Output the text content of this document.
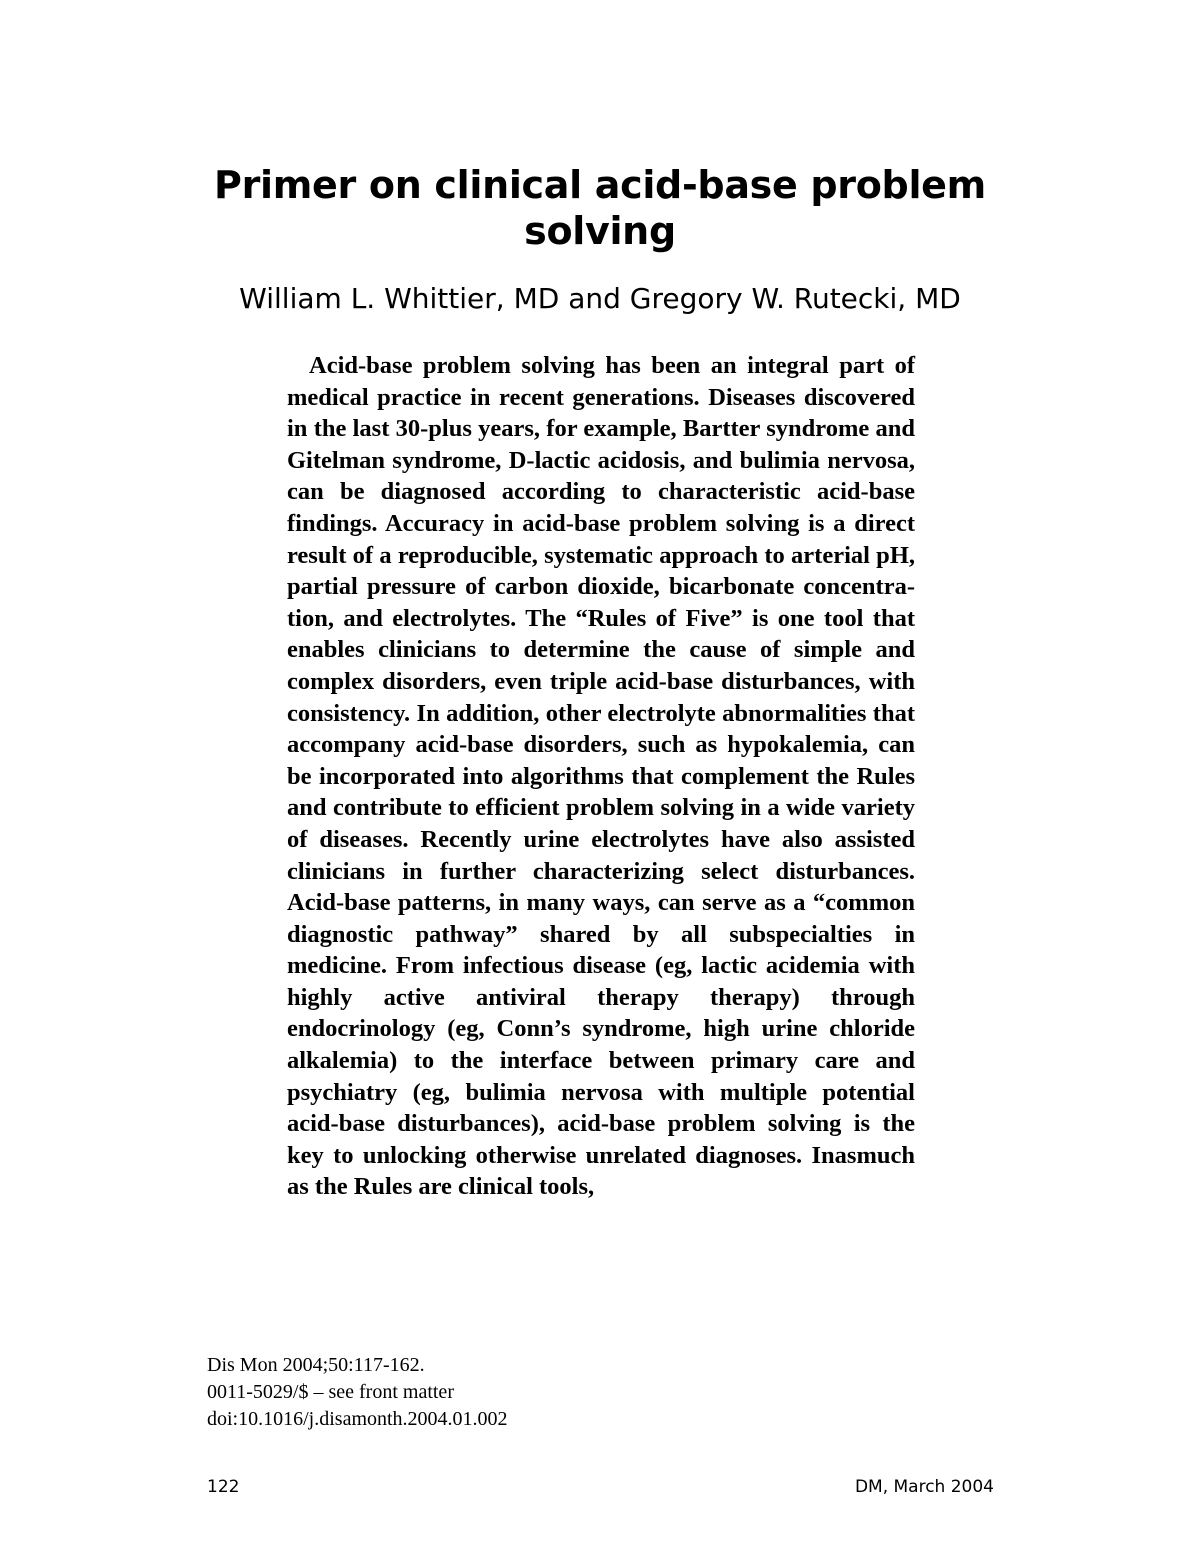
Primer on clinical acid-base problem solving

William L. Whittier, MD and Gregory W. Rutecki, MD

Acid-base problem solving has been an integral part of medical practice in recent generations. Diseases discovered in the last 30-plus years, for example, Bartter syndrome and Gitelman syndrome, D-lactic acidosis, and bulimia nervosa, can be diagnosed according to characteristic acid-base findings. Accuracy in acid-base problem solving is a direct result of a reproducible, systematic approach to arterial pH, partial pressure of carbon dioxide, bicarbonate concentration, and electrolytes. The “Rules of Five” is one tool that enables clinicians to determine the cause of simple and complex disorders, even triple acid-base disturbances, with consistency. In addition, other electrolyte abnormalities that accompany acid-base disorders, such as hypokalemia, can be incorporated into algorithms that complement the Rules and contribute to efficient problem solving in a wide variety of diseases. Recently urine electrolytes have also assisted clinicians in further characterizing select disturbances. Acid-base patterns, in many ways, can serve as a “common diagnostic pathway” shared by all subspecialties in medicine. From infectious disease (eg, lactic acidemia with highly active antiviral therapy therapy) through endocrinology (eg, Conn’s syndrome, high urine chloride alkalemia) to the interface between primary care and psychiatry (eg, bulimia nervosa with multiple potential acid-base disturbances), acid-base problem solving is the key to unlocking otherwise unrelated diagnoses. Inasmuch as the Rules are clinical tools,

Dis Mon 2004;50:117-162.
0011-5029/$ – see front matter
doi:10.1016/j.disamonth.2004.01.002
122	DM, March 2004
